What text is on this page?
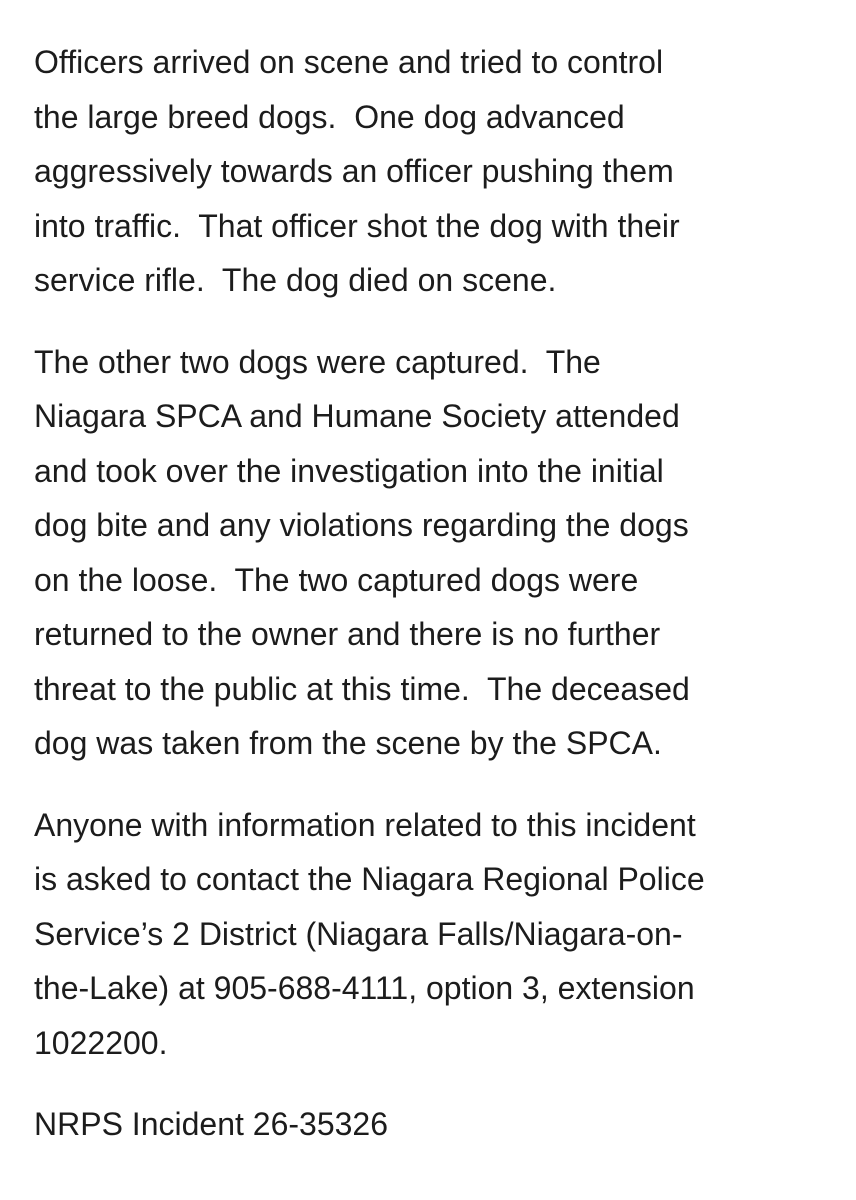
Officers arrived on scene and tried to control
the large breed dogs.  One dog advanced
aggressively towards an officer pushing them
into traffic.  That officer shot the dog with their
service rifle.  The dog died on scene.
The other two dogs were captured.  The
Niagara SPCA and Humane Society attended
and took over the investigation into the initial
dog bite and any violations regarding the dogs
on the loose.  The two captured dogs were
returned to the owner and there is no further
threat to the public at this time.  The deceased
dog was taken from the scene by the SPCA.
Anyone with information related to this incident
is asked to contact the Niagara Regional Police
Service’s 2 District (Niagara Falls/Niagara-on-
the-Lake) at 905-688-4111, option 3, extension
1022200.
NRPS Incident 26-35326
